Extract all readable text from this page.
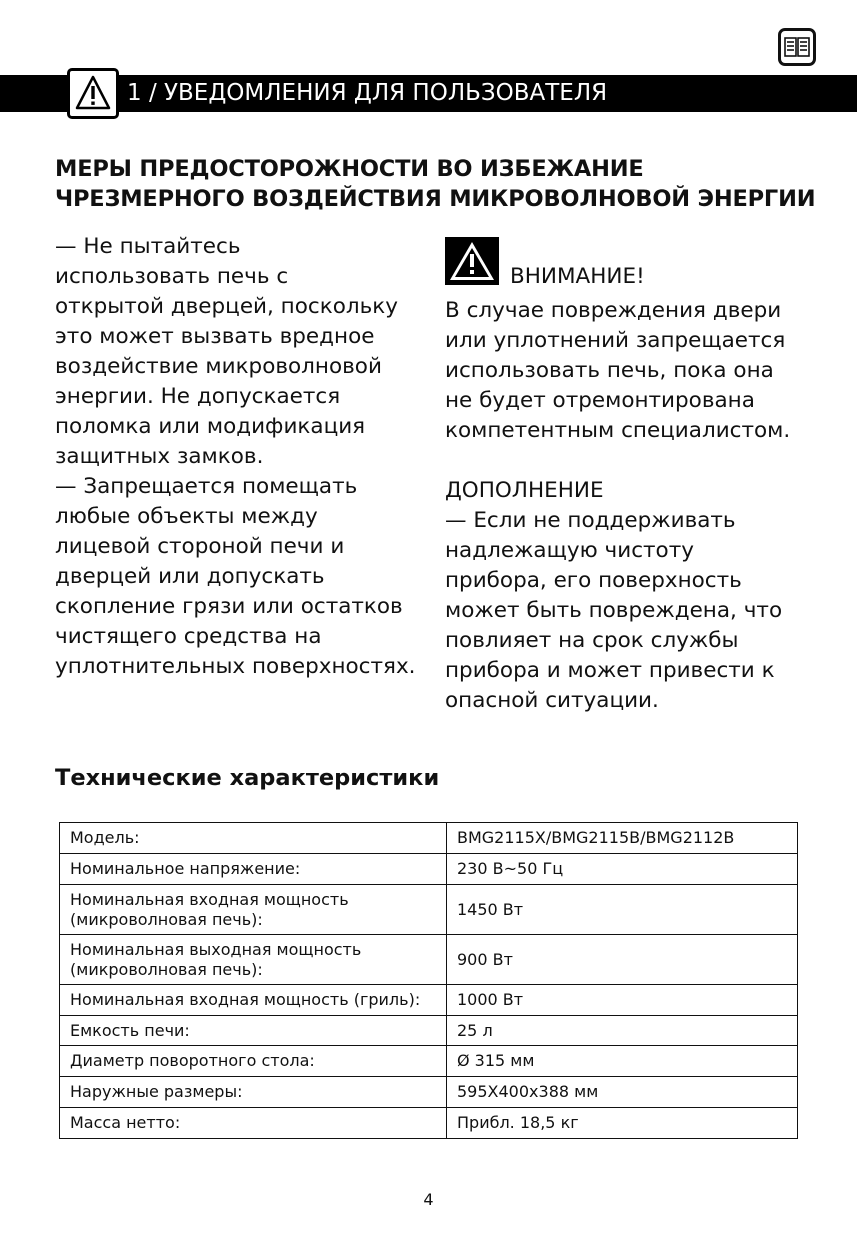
1 / УВЕДОМЛЕНИЯ ДЛЯ ПОЛЬЗОВАТЕЛЯ
МЕРЫ ПРЕДОСТОРОЖНОСТИ ВО ИЗБЕЖАНИЕ
ЧРЕЗМЕРНОГО ВОЗДЕЙСТВИЯ МИКРОВОЛНОВОЙ ЭНЕРГИИ
— Не пытайтесь
использовать печь с
открытой дверцей, поскольку
это может вызвать вредное
воздействие микроволновой
энергии. Не допускается
поломка или модификация
защитных замков.
— Запрещается помещать
любые объекты между
лицевой стороной печи и
дверцей или допускать
скопление грязи или остатков
чистящего средства на
уплотнительных поверхностях.
ВНИМАНИЕ!
В случае повреждения двери
или уплотнений запрещается
использовать печь, пока она
не будет отремонтирована
компетентным специалистом.
ДОПОЛНЕНИЕ
— Если не поддерживать
надлежащую чистоту
прибора, его поверхность
может быть повреждена, что
повлияет на срок службы
прибора и может привести к
опасной ситуации.
Технические характеристики
Модель:	BMG2115X/BMG2115B/BMG2112B
Номинальное напряжение:	230 В~50 Гц
Номинальная входная мощность
(микроволновая печь):	1450 Вт
Номинальная выходная мощность
(микроволновая печь):	900 Вт
Номинальная входная мощность (гриль):	1000 Вт
Емкость печи:	25 л
Диаметр поворотного стола:	Ø 315 мм
Наружные размеры:	595X400x388 мм
Масса нетто:	Прибл. 18,5 кг
4
